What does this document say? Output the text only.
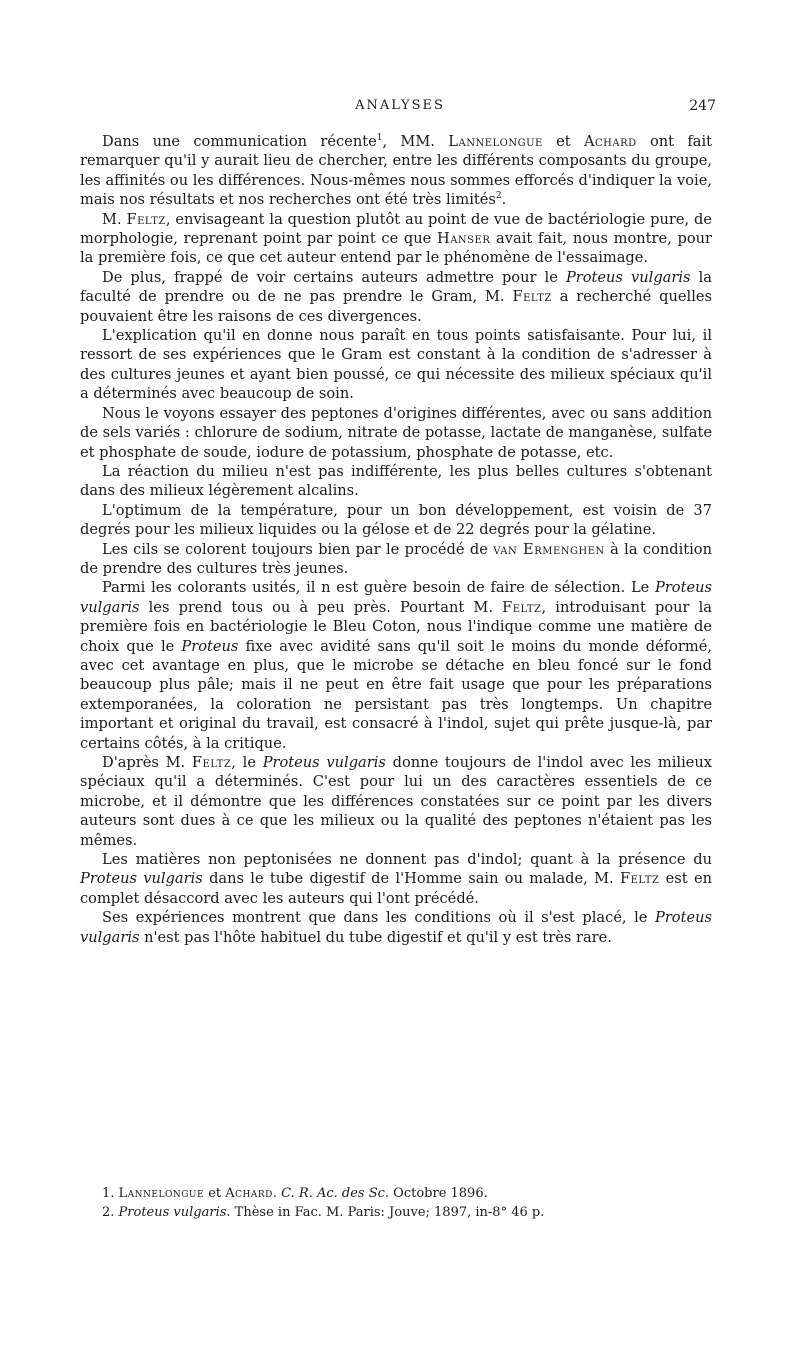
ANALYSES	247

Dans une communication récente$^1$, MM. Lannelongue et Achard ont fait remarquer qu'il y aurait lieu de chercher, entre les différents composants du groupe, les affinités ou les différences. Nous-mêmes nous sommes efforcés d'indiquer la voie, mais nos résultats et nos recherches ont été très limités$^2$.

M. Feltz, envisageant la question plutôt au point de vue de bactériologie pure, de morphologie, reprenant point par point ce que Hanser avait fait, nous montre, pour la première fois, ce que cet auteur entend par le phénomène de l'essaimage.

De plus, frappé de voir certains auteurs admettre pour le Proteus vulgaris la faculté de prendre ou de ne pas prendre le Gram, M. Feltz a recherché quelles pouvaient être les raisons de ces divergences.

L'explication qu'il en donne nous paraît en tous points satisfaisante. Pour lui, il ressort de ses expériences que le Gram est constant à la condition de s'adresser à des cultures jeunes et ayant bien poussé, ce qui nécessite des milieux spéciaux qu'il a déterminés avec beaucoup de soin.

Nous le voyons essayer des peptones d'origines différentes, avec ou sans addition de sels variés : chlorure de sodium, nitrate de potasse, lactate de manganèse, sulfate et phosphate de soude, iodure de potassium, phosphate de potasse, etc.

La réaction du milieu n'est pas indifférente, les plus belles cultures s'obtenant dans des milieux légèrement alcalins.

L'optimum de la température, pour un bon développement, est voisin de 37 degrés pour les milieux liquides ou la gélose et de 22 degrés pour la gélatine.

Les cils se colorent toujours bien par le procédé de van Ermenghen à la condition de prendre des cultures très jeunes.

Parmi les colorants usités, il n est guère besoin de faire de sélection. Le Proteus vulgaris les prend tous ou à peu près. Pourtant M. Feltz, introduisant pour la première fois en bactériologie le Bleu Coton, nous l'indique comme une matière de choix que le Proteus fixe avec avidité sans qu'il soit le moins du monde déformé, avec cet avantage en plus, que le microbe se détache en bleu foncé sur le fond beaucoup plus pâle; mais il ne peut en être fait usage que pour les préparations extemporanées, la coloration ne persistant pas très longtemps. Un chapitre important et original du travail, est consacré à l'indol, sujet qui prête jusque-là, par certains côtés, à la critique.

D'après M. Feltz, le Proteus vulgaris donne toujours de l'indol avec les milieux spéciaux qu'il a déterminés. C'est pour lui un des caractères essentiels de ce microbe, et il démontre que les différences constatées sur ce point par les divers auteurs sont dues à ce que les milieux ou la qualité des peptones n'étaient pas les mêmes.

Les matières non peptonisées ne donnent pas d'indol; quant à la présence du Proteus vulgaris dans le tube digestif de l'Homme sain ou malade, M. Feltz est en complet désaccord avec les auteurs qui l'ont précédé.

Ses expériences montrent que dans les conditions où il s'est placé, le Proteus vulgaris n'est pas l'hôte habituel du tube digestif et qu'il y est très rare.

1. Lannelongue et Achard. C. R. Ac. des Sc. Octobre 1896.

2. Proteus vulgaris. Thèse in Fac. M. Paris: Jouve; 1897, in-8° 46 p.
